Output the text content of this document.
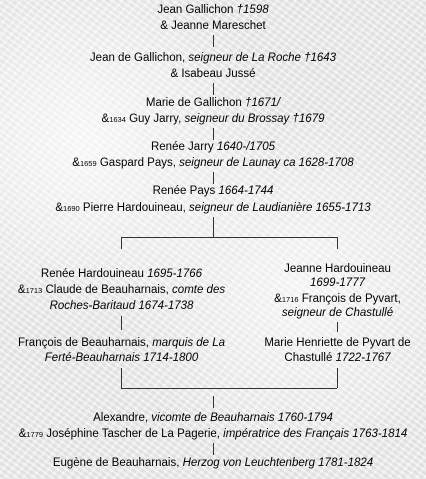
Jean Gallichon †1598
& Jeanne Mareschet
Jean de Gallichon, seigneur de La Roche †1643
& Isabeau Jussé
Marie de Gallichon †1671/
&1634 Guy Jarry, seigneur du Brossay †1679
Renée Jarry 1640-/1705
&1659 Gaspard Pays, seigneur de Launay ca 1628-1708
Renée Pays 1664-1744
&1690 Pierre Hardouineau, seigneur de Laudianière 1655-1713
Renée Hardouineau 1695-1766
&1713 Claude de Beauharnais, comte des
Roches-Baritaud 1674-1738
François de Beauharnais, marquis de La
Ferté-Beauharnais 1714-1800
Jeanne Hardouineau
1699-1777
&1716 François de Pyvart,
seigneur de Chastullé
Marie Henriette de Pyvart de
Chastullé 1722-1767
Alexandre, vicomte de Beauharnais 1760-1794
&1779 Joséphine Tascher de La Pagerie, impératrice des Français 1763-1814
Eugène de Beauharnais, Herzog von Leuchtenberg 1781-1824
